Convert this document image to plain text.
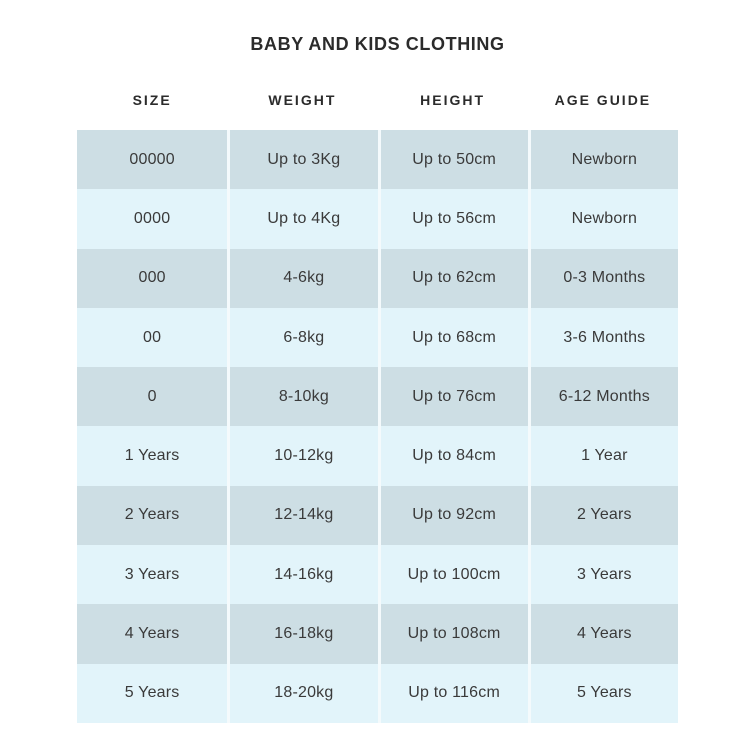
BABY AND KIDS CLOTHING
SIZE	WEIGHT	HEIGHT	AGE GUIDE
00000	Up to 3Kg	Up to 50cm	Newborn
0000	Up to 4Kg	Up to 56cm	Newborn
000	4-6kg	Up to 62cm	0-3 Months
00	6-8kg	Up to 68cm	3-6 Months
0	8-10kg	Up to 76cm	6-12 Months
1 Years	10-12kg	Up to 84cm	1 Year
2 Years	12-14kg	Up to 92cm	2 Years
3 Years	14-16kg	Up to 100cm	3 Years
4 Years	16-18kg	Up to 108cm	4 Years
5 Years	18-20kg	Up to 116cm	5 Years
